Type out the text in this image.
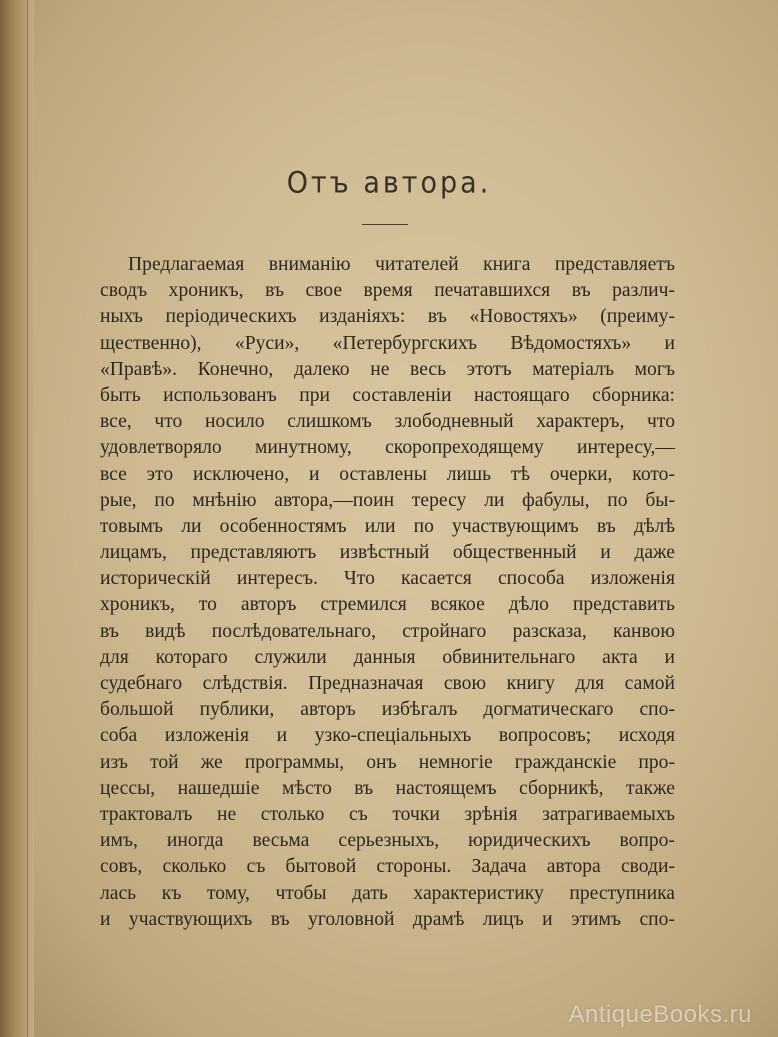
Отъ автора.
Предлагаемая вниманію читателей книга представляетъ
сводъ хроникъ, въ свое время печатавшихся въ различ-
ныхъ періодическихъ изданіяхъ: въ «Новостяхъ» (преиму-
щественно), «Руси», «Петербургскихъ Вѣдомостяхъ» и
«Правѣ». Конечно, далеко не весь этотъ матеріалъ могъ
быть использованъ при составленіи настоящаго сборника:
все, что носило слишкомъ злободневный характеръ, что
удовлетворяло минутному, скоропреходящему интересу,—
все это исключено, и оставлены лишь тѣ очерки, кото-
рые, по мнѣнію автора,—поин тересу ли фабулы, по бы-
товымъ ли особенностямъ или по участвующимъ въ дѣлѣ
лицамъ, представляютъ извѣстный общественный и даже
историческій интересъ. Что касается способа изложенія
хроникъ, то авторъ стремился всякое дѣло представить
въ видѣ послѣдовательнаго, стройнаго разсказа, канвою
для котораго служили данныя обвинительнаго акта и
судебнаго слѣдствія. Предназначая свою книгу для самой
большой публики, авторъ избѣгалъ догматическаго спо-
соба изложенія и узко-спеціальныхъ вопросовъ; исходя
изъ той же программы, онъ немногіе гражданскіе про-
цессы, нашедшіе мѣсто въ настоящемъ сборникѣ, также
трактовалъ не столько съ точки зрѣнія затрагиваемыхъ
имъ, иногда весьма серьезныхъ, юридическихъ вопро-
совъ, сколько съ бытовой стороны. Задача автора своди-
лась къ тому, чтобы дать характеристику преступника
и участвующихъ въ уголовной драмѣ лицъ и этимъ спо-
AntiqueBooks.ru
